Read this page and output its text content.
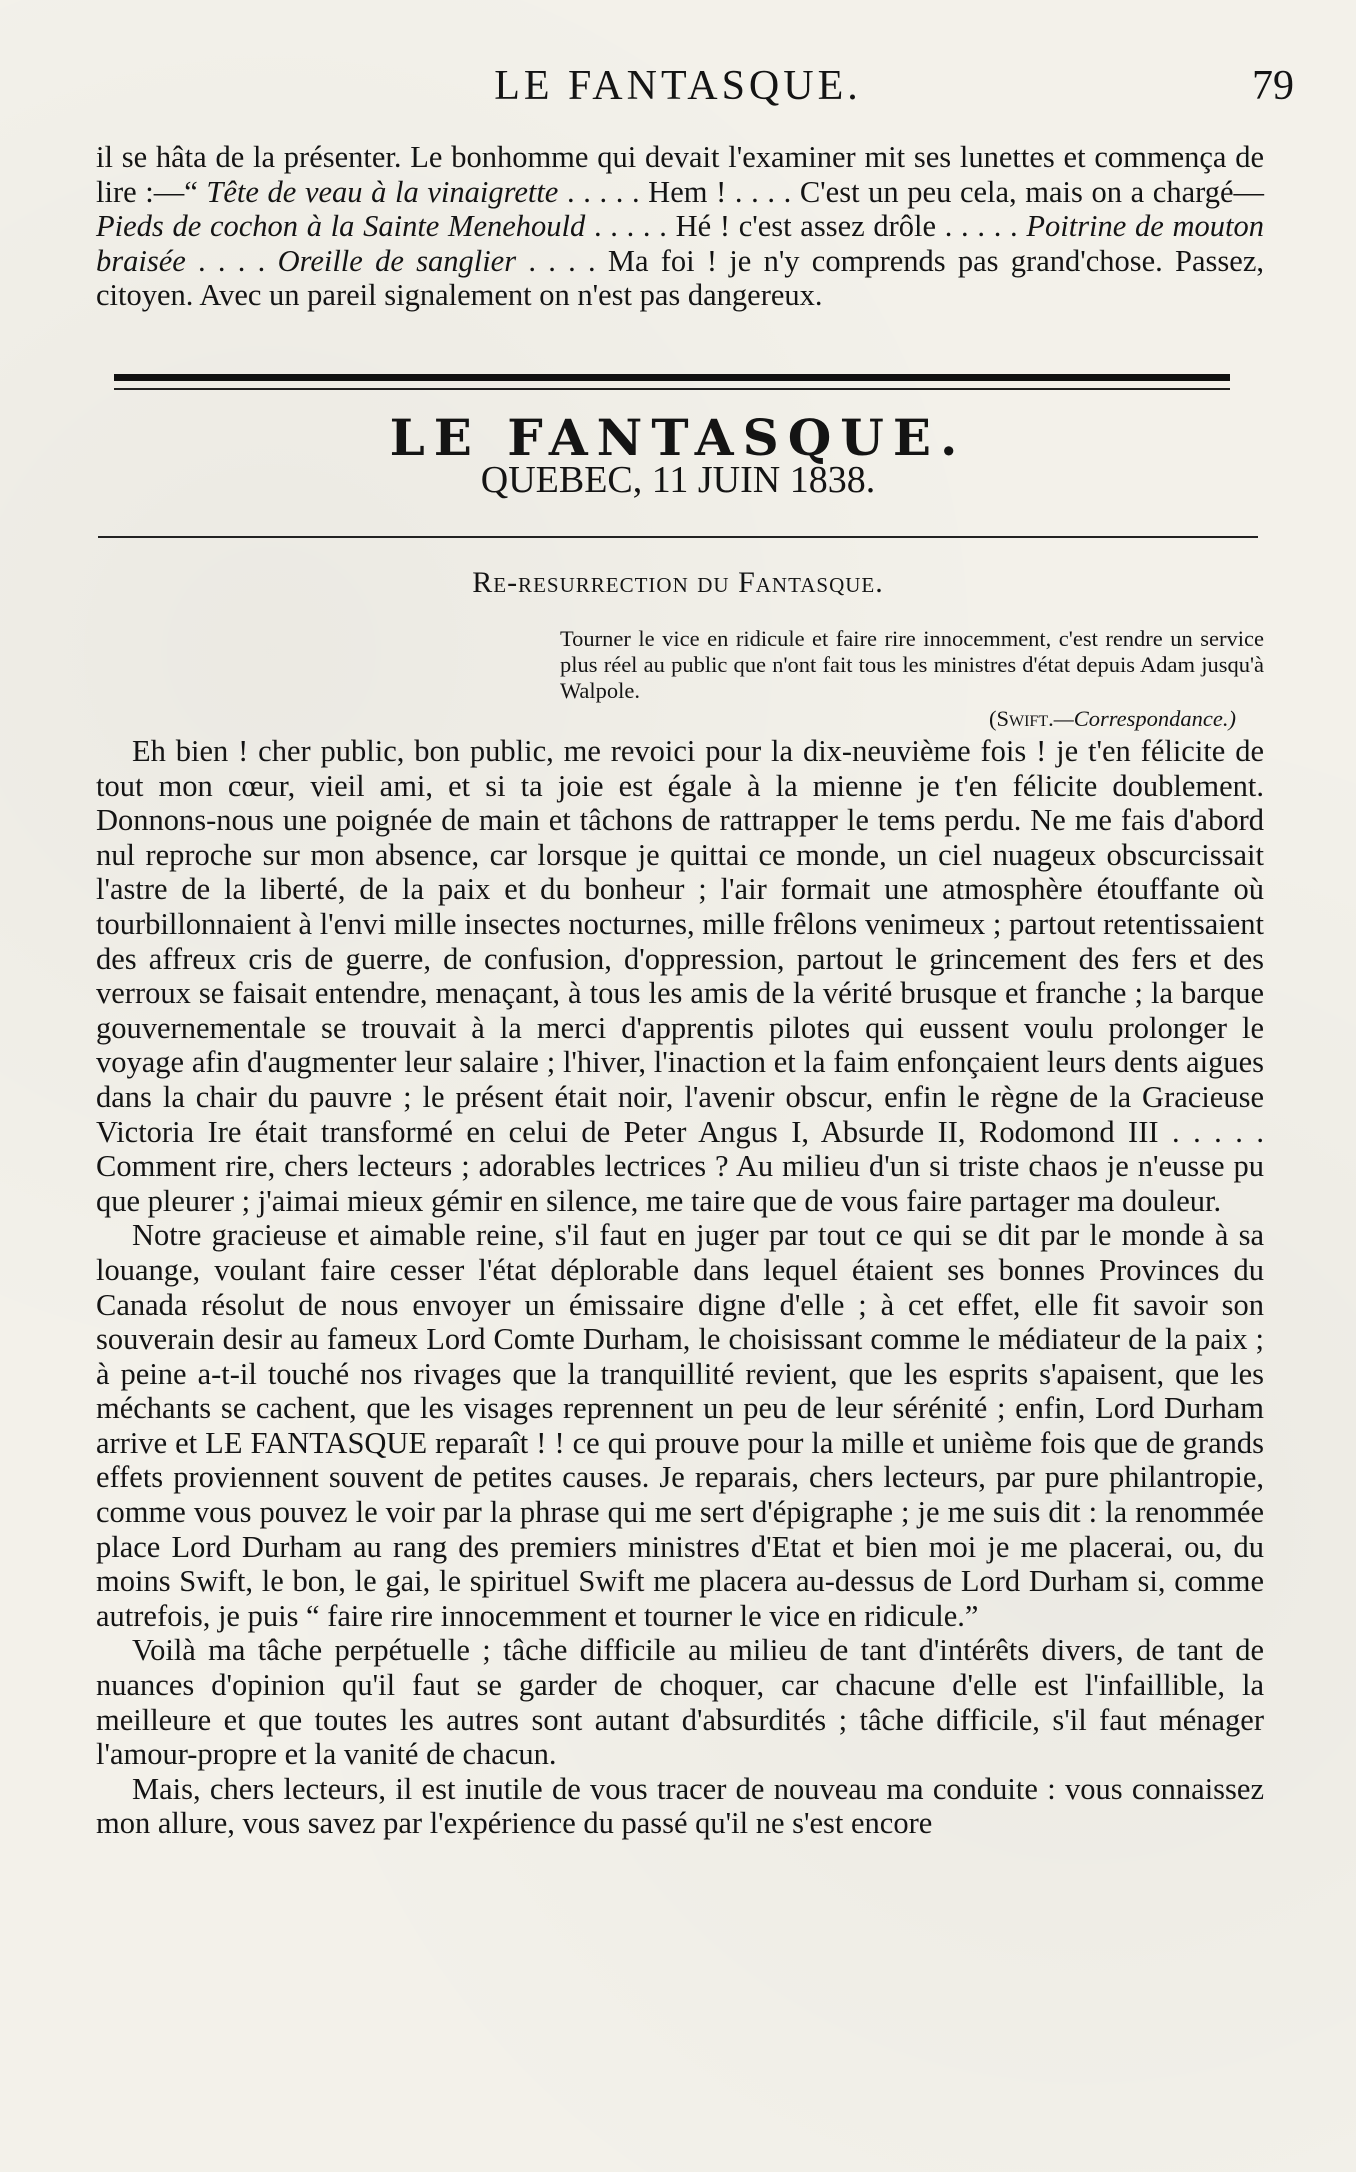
LE FANTASQUE.	79

il se hâta de la présenter. Le bonhomme qui devait l'examiner mit ses lunettes et commença de lire :—“ Tête de veau à la vinaigrette . . . . . Hem ! . . . . C'est un peu cela, mais on a chargé—Pieds de cochon à la Sainte Menehould . . . . . Hé ! c'est assez drôle . . . . . Poitrine de mouton braisée . . . . Oreille de sanglier . . . . Ma foi ! je n'y comprends pas grand'chose. Passez, citoyen. Avec un pareil signalement on n'est pas dangereux.

LE FANTASQUE.
QUEBEC, 11 JUIN 1838.
Re-resurrection du Fantasque.
Tourner le vice en ridicule et faire rire innocemment, c'est rendre un service plus réel au public que n'ont fait tous les ministres d'état depuis Adam jusqu'à Walpole.
(Swift.—Correspondance.)

Eh bien ! cher public, bon public, me revoici pour la dix-neuvième fois ! je t'en félicite de tout mon cœur, vieil ami, et si ta joie est égale à la mienne je t'en félicite doublement. Donnons-nous une poignée de main et tâchons de rattrapper le tems perdu. Ne me fais d'abord nul reproche sur mon absence, car lorsque je quittai ce monde, un ciel nuageux obscurcissait l'astre de la liberté, de la paix et du bonheur ; l'air formait une atmosphère étouffante où tourbillonnaient à l'envi mille insectes nocturnes, mille frêlons venimeux ; partout retentissaient des affreux cris de guerre, de confusion, d'oppression, partout le grincement des fers et des verroux se faisait entendre, menaçant, à tous les amis de la vérité brusque et franche ; la barque gouvernementale se trouvait à la merci d'apprentis pilotes qui eussent voulu prolonger le voyage afin d'augmenter leur salaire ; l'hiver, l'inaction et la faim enfonçaient leurs dents aigues dans la chair du pauvre ; le présent était noir, l'avenir obscur, enfin le règne de la Gracieuse Victoria Ire était transformé en celui de Peter Angus I, Absurde II, Rodomond III . . . . . Comment rire, chers lecteurs ; adorables lectrices ? Au milieu d'un si triste chaos je n'eusse pu que pleurer ; j'aimai mieux gémir en silence, me taire que de vous faire partager ma douleur.

Notre gracieuse et aimable reine, s'il faut en juger par tout ce qui se dit par le monde à sa louange, voulant faire cesser l'état déplorable dans lequel étaient ses bonnes Provinces du Canada résolut de nous envoyer un émissaire digne d'elle ; à cet effet, elle fit savoir son souverain desir au fameux Lord Comte Durham, le choisissant comme le médiateur de la paix ; à peine a-t-il touché nos rivages que la tranquillité revient, que les esprits s'apaisent, que les méchants se cachent, que les visages reprennent un peu de leur sérénité ; enfin, Lord Durham arrive et LE FANTASQUE reparaît ! ! ce qui prouve pour la mille et unième fois que de grands effets proviennent souvent de petites causes. Je reparais, chers lecteurs, par pure philantropie, comme vous pouvez le voir par la phrase qui me sert d'épigraphe ; je me suis dit : la renommée place Lord Durham au rang des premiers ministres d'Etat et bien moi je me placerai, ou, du moins Swift, le bon, le gai, le spirituel Swift me placera au-dessus de Lord Durham si, comme autrefois, je puis “ faire rire innocemment et tourner le vice en ridicule.”

Voilà ma tâche perpétuelle ; tâche difficile au milieu de tant d'intérêts divers, de tant de nuances d'opinion qu'il faut se garder de choquer, car chacune d'elle est l'infaillible, la meilleure et que toutes les autres sont autant d'absurdités ; tâche difficile, s'il faut ménager l'amour-propre et la vanité de chacun.

Mais, chers lecteurs, il est inutile de vous tracer de nouveau ma conduite : vous connaissez mon allure, vous savez par l'expérience du passé qu'il ne s'est encore
